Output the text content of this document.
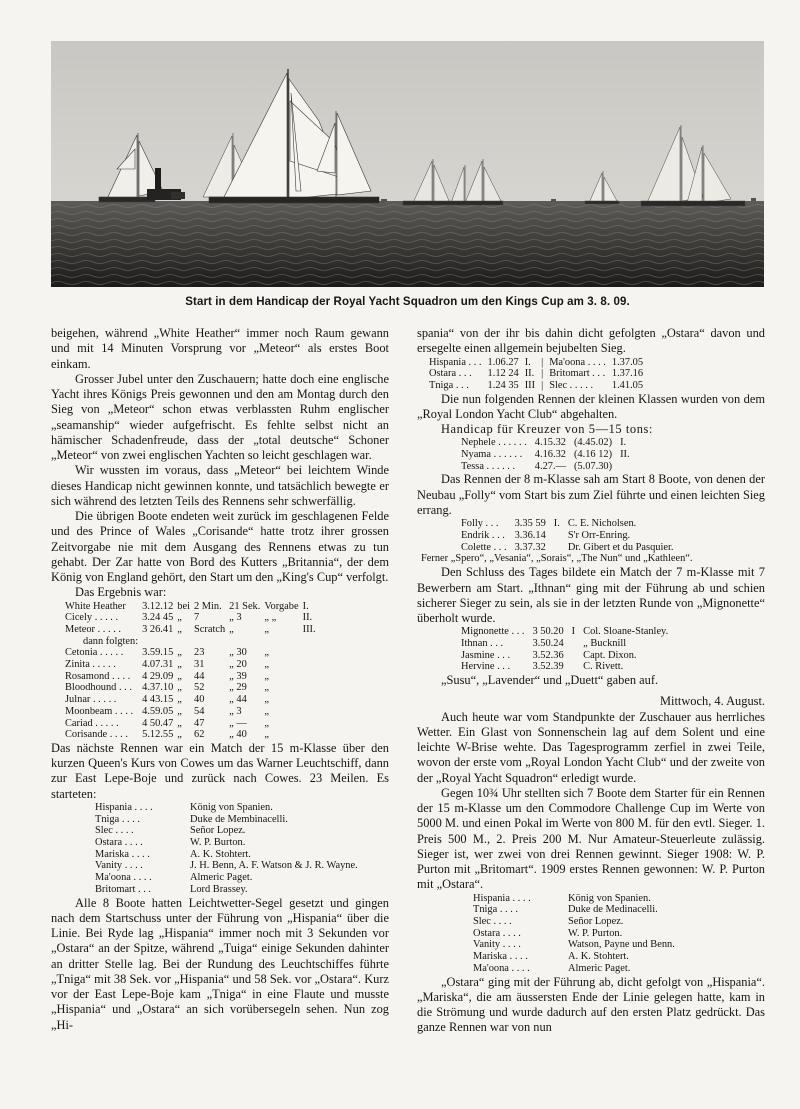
Start in dem Handicap der Royal Yacht Squadron um den Kings Cup am 3. 8. 09.

beigehen, während „White Heather“ immer noch Raum gewann und mit 14 Minuten Vorsprung vor „Meteor“ als erstes Boot einkam.

Grosser Jubel unter den Zuschauern; hatte doch eine englische Yacht ihres Königs Preis gewonnen und den am Montag durch den Sieg von „Meteor“ schon etwas verblassten Ruhm englischer „seamanship“ wieder aufgefrischt. Es fehlte selbst nicht an hämischer Schadenfreude, dass der „total deutsche“ Schoner „Meteor“ von zwei englischen Yachten so leicht geschlagen war.

Wir wussten im voraus, dass „Meteor“ bei leichtem Winde dieses Handicap nicht gewinnen konnte, und tatsächlich bewegte er sich während des letzten Teils des Rennens sehr schwerfällig.

Die übrigen Boote endeten weit zurück im geschlagenen Felde und des Prince of Wales „Corisande“ hatte trotz ihrer grossen Zeitvorgabe nie mit dem Ausgang des Rennens etwas zu tun gehabt. Der Zar hatte von Bord des Kutters „Britannia“, der dem König von England gehört, den Start um den „King's Cup“ verfolgt.

Das Ergebnis war:

White Heather	3.12.12	bei	2 Min.	21 Sek.	Vorgabe	I.
Cicely . . . . .	3.24 45	„	7	„ 3	„ „	II.
Meteor . . . . .	3 26.41	„	Scratch	„	„	III.
dann folgten:						
Cetonia . . . . .	3.59.15	„	23	„ 30	„	
Zinita . . . . .	4.07.31	„	31	„ 20	„	
Rosamond . . . .	4 29.09	„	44	„ 39	„	
Bloodhound . . .	4.37.10	„	52	„ 29	„	
Julnar . . . . .	4 43.15	„	40	„ 44	„	
Moonbeam . . . .	4.59.05	„	54	„ 3	„	
Cariad . . . . .	4 50.47	„	47	„ —	„	
Corisande . . . .	5.12.55	„	62	„ 40	„	

Das nächste Rennen war ein Match der 15 m-Klasse über den kurzen Queen's Kurs von Cowes um das Warner Leuchtschiff, dann zur East Lepe-Boje und zurück nach Cowes. 23 Meilen. Es starteten:

Hispania . . . .	König von Spanien.
Tniga . . . .	Duke de Membinacelli.
Slec . . . .	Señor Lopez.
Ostara . . . .	W. P. Burton.
Mariska . . . .	A. K. Stohtert.
Vanity . . . .	J. H. Benn, A. F. Watson & J. R. Wayne.
Ma'oona . . . .	Almeric Paget.
Britomart . . .	Lord Brassey.

Alle 8 Boote hatten Leichtwetter-Segel gesetzt und gingen nach dem Startschuss unter der Führung von „Hispania“ über die Linie. Bei Ryde lag „Hispania“ immer noch mit 3 Sekunden vor „Ostara“ an der Spitze, während „Tuiga“ einige Sekunden dahinter an dritter Stelle lag. Bei der Rundung des Leuchtschiffes führte „Tniga“ mit 38 Sek. vor „Hispania“ und 58 Sek. vor „Ostara“. Kurz vor der East Lepe-Boje kam „Tniga“ in eine Flaute und musste „Hispania“ und „Ostara“ an sich vorübersegeln sehen. Nun zog „Hi-

spania“ von der ihr bis dahin dicht gefolgten „Ostara“ davon und ersegelte einen allgemein bejubelten Sieg.

Hispania . . .	1.06.27	I.	|	Ma'oona . . . .	1.37.05
Ostara . . .	1.12 24	II.	|	Britomart . . .	1.37.16
Tniga . . .	1.24 35	III	|	Slec . . . . .	1.41.05

Die nun folgenden Rennen der kleinen Klassen wurden von dem „Royal London Yacht Club“ abgehalten.

Handicap für Kreuzer von 5—15 tons:

Nephele . . . . . .	4.15.32	(4.45.02)	I.
Nyama . . . . . .	4.16.32	(4.16 12)	II.
Tessa . . . . . .	4.27.—	(5.07.30)	

Das Rennen der 8 m-Klasse sah am Start 8 Boote, von denen der Neubau „Folly“ vom Start bis zum Ziel führte und einen leichten Sieg errang.

Folly . . .	3.35 59	I.	C. E. Nicholsen.
Endrik . . .	3.36.14		S'r Orr-Enring.
Colette . . .	3.37.32		Dr. Gibert et du Pasquier.

Ferner „Spero“, „Vesania“, „Sorais“, „The Nun“ und „Kathleen“.

Den Schluss des Tages bildete ein Match der 7 m-Klasse mit 7 Bewerbern am Start. „Ithnan“ ging mit der Führung ab und schien sicherer Sieger zu sein, als sie in der letzten Runde von „Mignonette“ überholt wurde.

Mignonette . . .	3 50.20	I	Col. Sloane-Stanley.
Ithnan . . .	3.50.24		„ Bucknill
Jasmine . . .	3.52.36		Capt. Dixon.
Hervine . . .	3.52.39		C. Rivett.

„Susu“, „Lavender“ und „Duett“ gaben auf.

Mittwoch, 4. August.

Auch heute war vom Standpunkte der Zuschauer aus herrliches Wetter. Ein Glast von Sonnenschein lag auf dem Solent und eine leichte W-Brise wehte. Das Tagesprogramm zerfiel in zwei Teile, wovon der erste vom „Royal London Yacht Club“ und der zweite von der „Royal Yacht Squadron“ erledigt wurde.

Gegen 10¾ Uhr stellten sich 7 Boote dem Starter für ein Rennen der 15 m-Klasse um den Commodore Challenge Cup im Werte von 5000 M. und einen Pokal im Werte von 800 M. für den evtl. Sieger. 1. Preis 500 M., 2. Preis 200 M. Nur Amateur-Steuerleute zulässig. Sieger ist, wer zwei von drei Rennen gewinnt. Sieger 1908: W. P. Purton mit „Britomart“. 1909 erstes Rennen gewonnen: W. P. Purton mit „Ostara“.

Hispania . . . .	König von Spanien.
Tniga . . . .	Duke de Medinacelli.
Slec . . . .	Señor Lopez.
Ostara . . . .	W. P. Purton.
Vanity . . . .	Watson, Payne und Benn.
Mariska . . . .	A. K. Stohtert.
Ma'oona . . . .	Almeric Paget.

„Ostara“ ging mit der Führung ab, dicht gefolgt von „Hispania“. „Mariska“, die am äussersten Ende der Linie gelegen hatte, kam in die Strömung und wurde dadurch auf den ersten Platz gedrückt. Das ganze Rennen war von nun
